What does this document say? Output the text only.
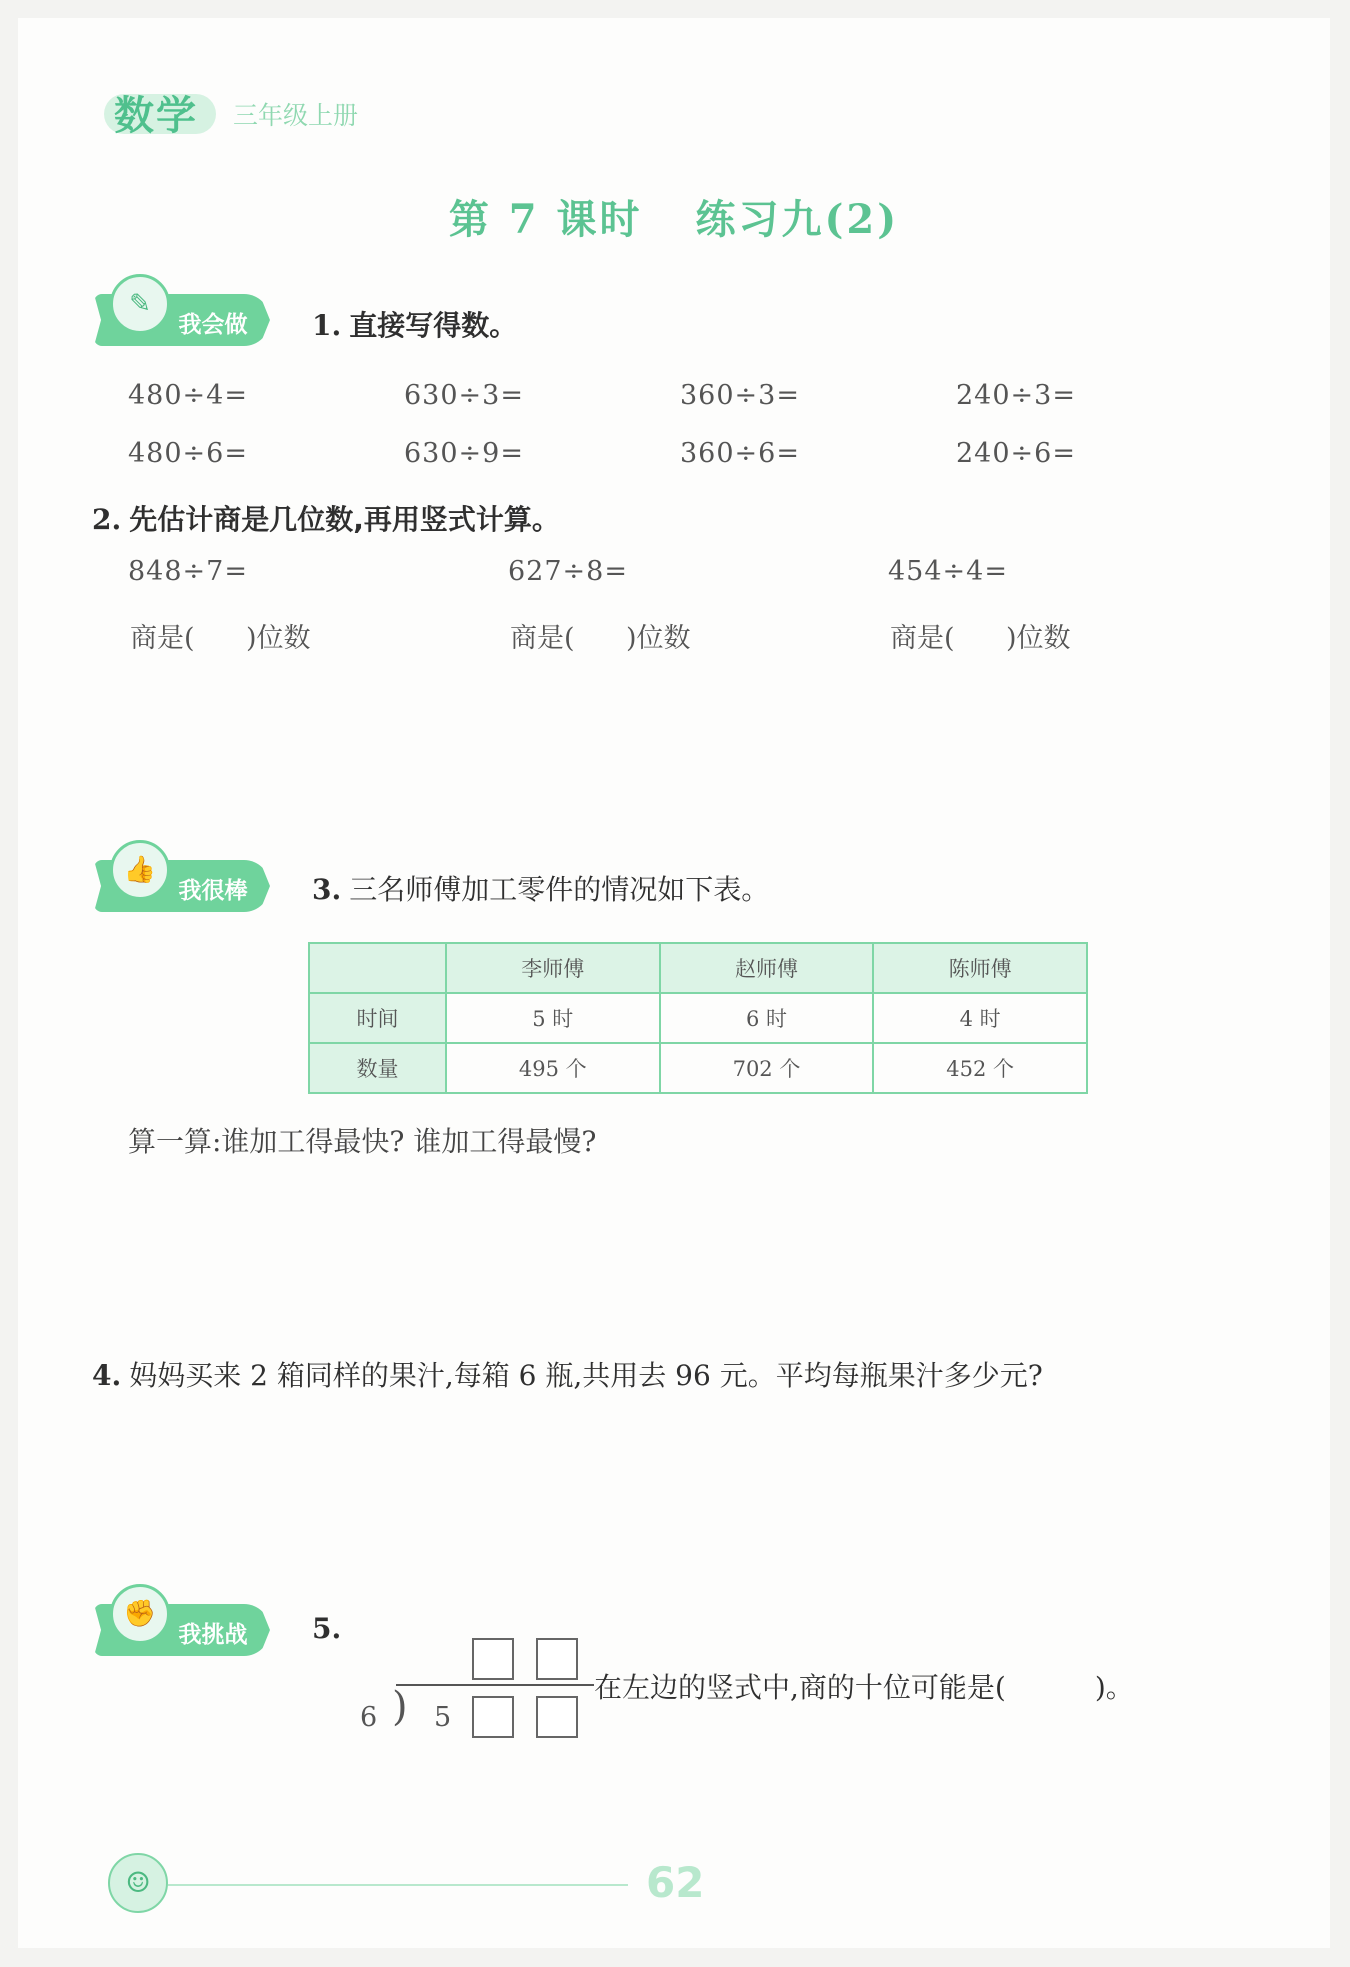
数学	三年级上册
第 7 课时 练习九(2)
✎
我会做	1. 直接写得数。
480÷4=	630÷3=	360÷3=	240÷3=
480÷6=	630÷9=	360÷6=	240÷6=
2. 先估计商是几位数,再用竖式计算。
848÷7=	627÷8=	454÷4=
商是(      )位数	商是(      )位数	商是(      )位数
👍
我很棒	3. 三名师傅加工零件的情况如下表。
	李师傅	赵师傅	陈师傅
时间	5 时	6 时	4 时
数量	495 个	702 个	452 个
算一算:谁加工得最快? 谁加工得最慢?
4. 妈妈买来 2 箱同样的果汁,每箱 6 瓶,共用去 96 元。平均每瓶果汁多少元?
✊
我挑战	5.
6 ) 5
在左边的竖式中,商的十位可能是(          )。
☺	62
